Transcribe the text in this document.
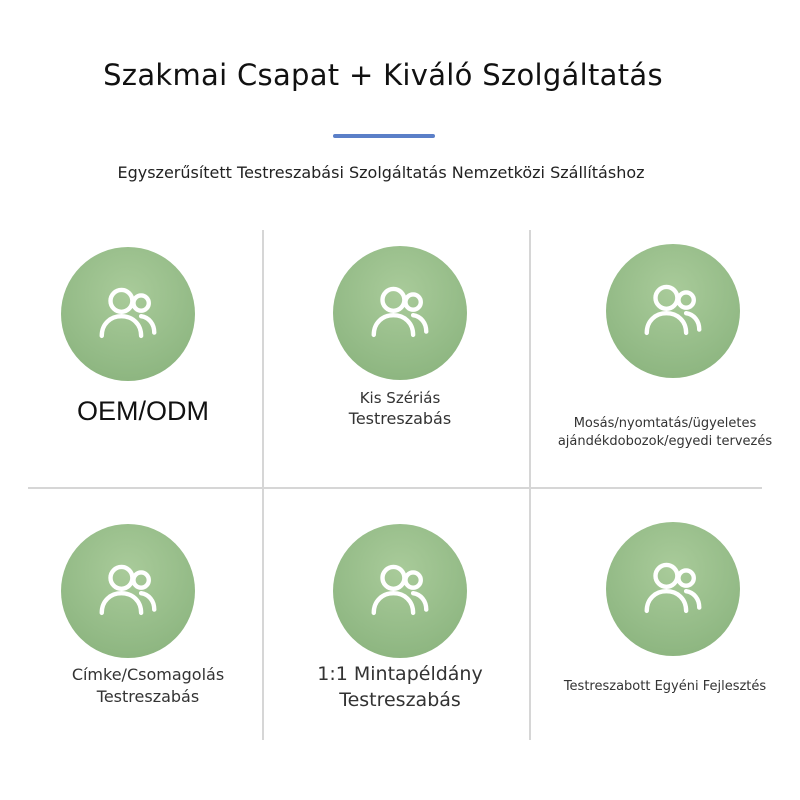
Szakmai Csapat + Kiváló Szolgáltatás
Egyszerűsített Testreszabási Szolgáltatás Nemzetközi Szállításhoz
OEM/ODM	Kis Szériás
Testreszabás	Mosás/nyomtatás/ügyeletes
ajándékdobozok/egyedi tervezés
Címke/Csomagolás
Testreszabás
1:1 Mintapéldány
Testreszabás
Testreszabott Egyéni Fejlesztés
